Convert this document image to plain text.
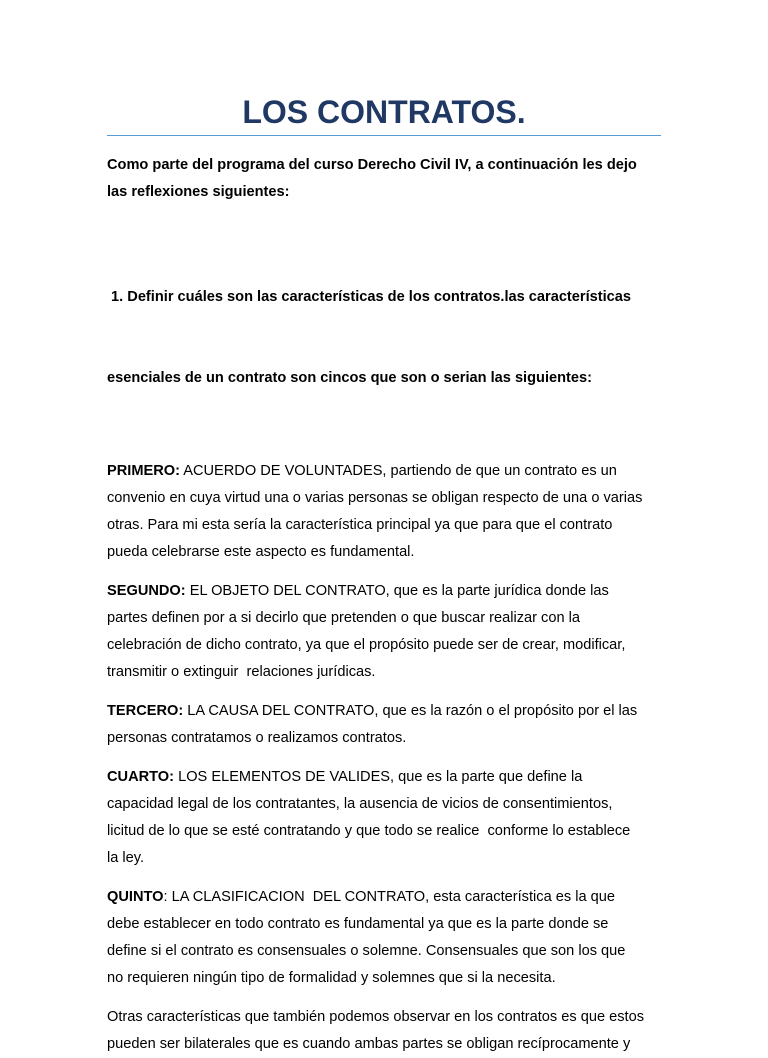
LOS CONTRATOS.

Como parte del programa del curso Derecho Civil IV, a continuación les dejo
las reflexiones siguientes:

1. Definir cuáles son las características de los contratos.las características

esenciales de un contrato son cincos que son o serian las siguientes:

PRIMERO: ACUERDO DE VOLUNTADES, partiendo de que un contrato es un
convenio en cuya virtud una o varias personas se obligan respecto de una o varias
otras. Para mi esta sería la característica principal ya que para que el contrato
pueda celebrarse este aspecto es fundamental.

SEGUNDO: EL OBJETO DEL CONTRATO, que es la parte jurídica donde las
partes definen por a si decirlo que pretenden o que buscar realizar con la
celebración de dicho contrato, ya que el propósito puede ser de crear, modificar,
transmitir o extinguir  relaciones jurídicas.

TERCERO: LA CAUSA DEL CONTRATO, que es la razón o el propósito por el las
personas contratamos o realizamos contratos.

CUARTO: LOS ELEMENTOS DE VALIDES, que es la parte que define la
capacidad legal de los contratantes, la ausencia de vicios de consentimientos,
licitud de lo que se esté contratando y que todo se realice  conforme lo establece
la ley.

QUINTO: LA CLASIFICACION  DEL CONTRATO, esta característica es la que
debe establecer en todo contrato es fundamental ya que es la parte donde se
define si el contrato es consensuales o solemne. Consensuales que son los que
no requieren ningún tipo de formalidad y solemnes que si la necesita.

Otras características que también podemos observar en los contratos es que estos
pueden ser bilaterales que es cuando ambas partes se obligan recíprocamente y
